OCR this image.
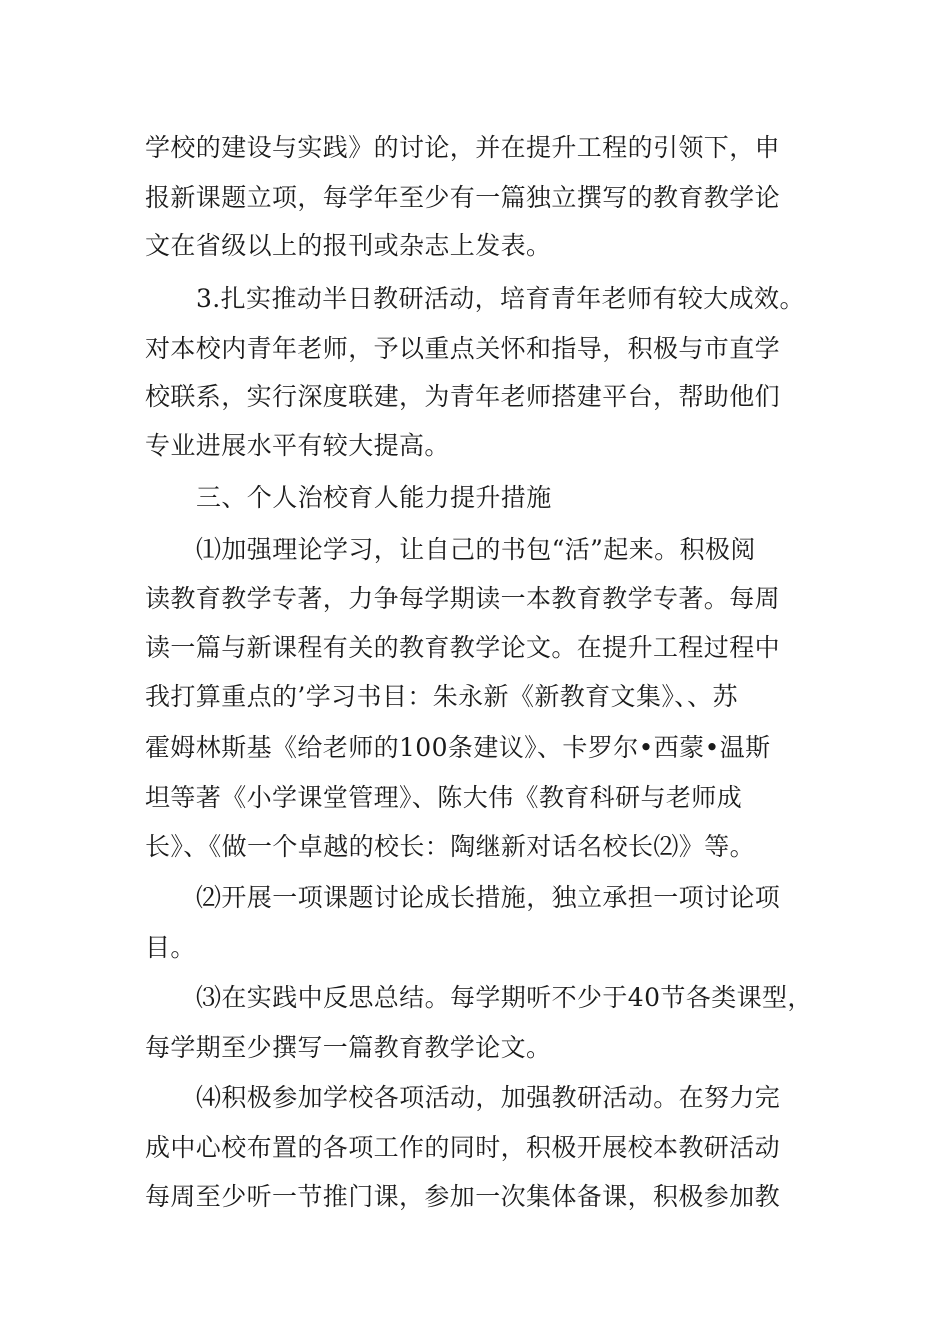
学校的建设与实践》的讨论，并在提升工程的引领下，申

报新课题立项，每学年至少有一篇独立撰写的教育教学论

文在省级以上的报刊或杂志上发表。

3.扎实推动半日教研活动，培育青年老师有较大成效。

对本校内青年老师，予以重点关怀和指导，积极与市直学

校联系，实行深度联建，为青年老师搭建平台，帮助他们

专业进展水平有较大提高。

三、个人治校育人能力提升措施

⑴加强理论学习，让自己的书包“活”起来。积极阅

读教育教学专著，力争每学期读一本教育教学专著。每周

读一篇与新课程有关的教育教学论文。在提升工程过程中

我打算重点的’学习书目：朱永新《新教育文集》、、苏

霍姆林斯基《给老师的100条建议》、卡罗尔•西蒙•温斯

坦等著《小学课堂管理》、陈大伟《教育科研与老师成

长》、《做一个卓越的校长：陶继新对话名校长⑵》等。

⑵开展一项课题讨论成长措施，独立承担一项讨论项

目。

⑶在实践中反思总结。每学期听不少于40节各类课型，

每学期至少撰写一篇教育教学论文。

⑷积极参加学校各项活动，加强教研活动。在努力完

成中心校布置的各项工作的同时，积极开展校本教研活动

每周至少听一节推门课，参加一次集体备课，积极参加教
